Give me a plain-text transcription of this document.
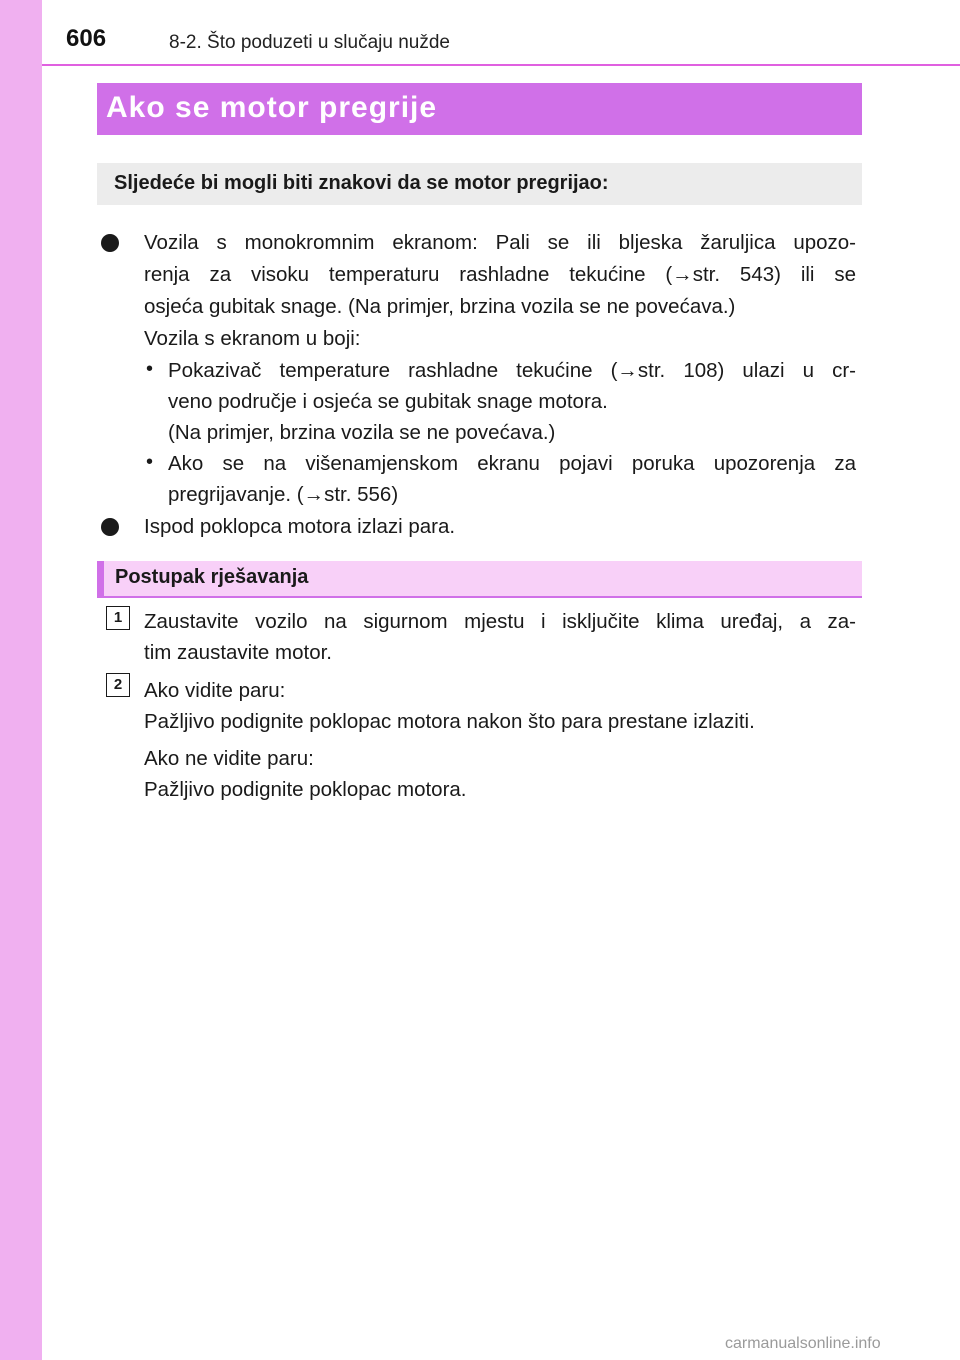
606	8-2. Što poduzeti u slučaju nužde
Ako se motor pregrije
Sljedeće bi mogli biti znakovi da se motor pregrijao:
Vozila s monokromnim ekranom: Pali se ili bljeska žaruljica upozo-
renja za visoku temperaturu rashladne tekućine (→str. 543) ili se
osjeća gubitak snage. (Na primjer, brzina vozila se ne povećava.)
Vozila s ekranom u boji:
• Pokazivač temperature rashladne tekućine (→str. 108) ulazi u cr-
veno područje i osjeća se gubitak snage motora.
(Na primjer, brzina vozila se ne povećava.)
• Ako se na višenamjenskom ekranu pojavi poruka upozorenja za
pregrijavanje. (→str. 556)
Ispod poklopca motora izlazi para.
Postupak rješavanja
1	Zaustavite vozilo na sigurnom mjestu i isključite klima uređaj, a za-
tim zaustavite motor.
2	Ako vidite paru:
Pažljivo podignite poklopac motora nakon što para prestane izlaziti.
Ako ne vidite paru:
Pažljivo podignite poklopac motora.
carmanualsonline.info
